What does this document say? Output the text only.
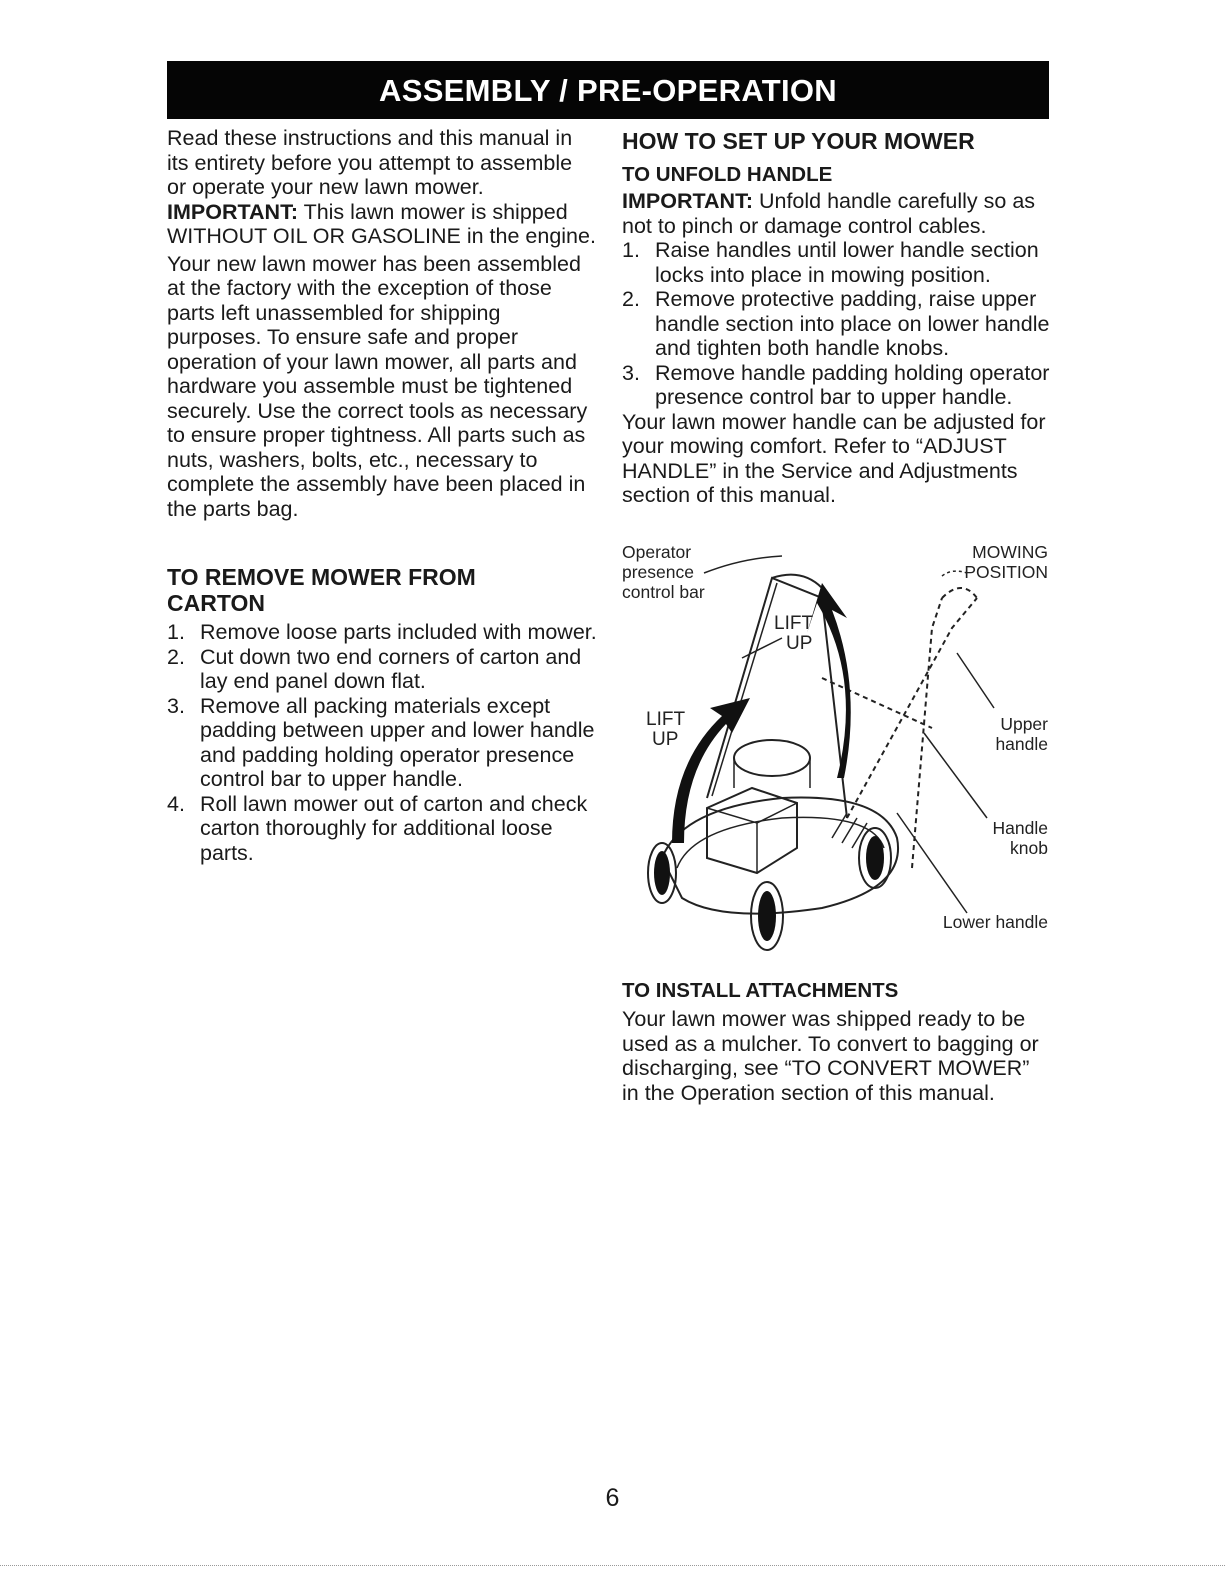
ASSEMBLY / PRE-OPERATION

Read these instructions and this manual in its entirety before you attempt to assemble or operate your new lawn mower.

IMPORTANT: This lawn mower is shipped WITHOUT OIL OR GASOLINE in the engine.

Your new lawn mower has been assembled at the factory with the exception of those parts left unassembled for shipping purposes. To ensure safe and proper operation of your lawn mower, all parts and hardware you assemble must be tightened securely. Use the correct tools as necessary to ensure proper tightness. All parts such as nuts, washers, bolts, etc., necessary to complete the assembly have been placed in the parts bag.

TO REMOVE MOWER FROM CARTON
1. Remove loose parts included with mower.
2. Cut down two end corners of carton and lay end panel down flat.
3. Remove all packing materials except padding between upper and lower handle and padding holding operator presence control bar to upper handle.
4. Roll lawn mower out of carton and check carton thoroughly for additional loose parts.
HOW TO SET UP YOUR MOWER
TO UNFOLD HANDLE

IMPORTANT: Unfold handle carefully so as not to pinch or damage control cables.

1. Raise handles until lower handle section locks into place in mowing position.
2. Remove protective padding, raise upper handle section into place on lower handle and tighten both handle knobs.
3. Remove handle padding holding operator presence control bar to upper handle.

Your lawn mower handle can be adjusted for your mowing comfort. Refer to “ADJUST HANDLE” in the Service and Adjustments section of this manual.

Operator
presence
control bar
MOWING
POSITION
LIFT
UP
LIFT
UP
Upper
handle
Handle
knob
Lower handle
TO INSTALL ATTACHMENTS

Your lawn mower was shipped ready to be used as a mulcher. To convert to bagging or discharging, see “TO CONVERT MOWER” in the Operation section of this manual.

6
